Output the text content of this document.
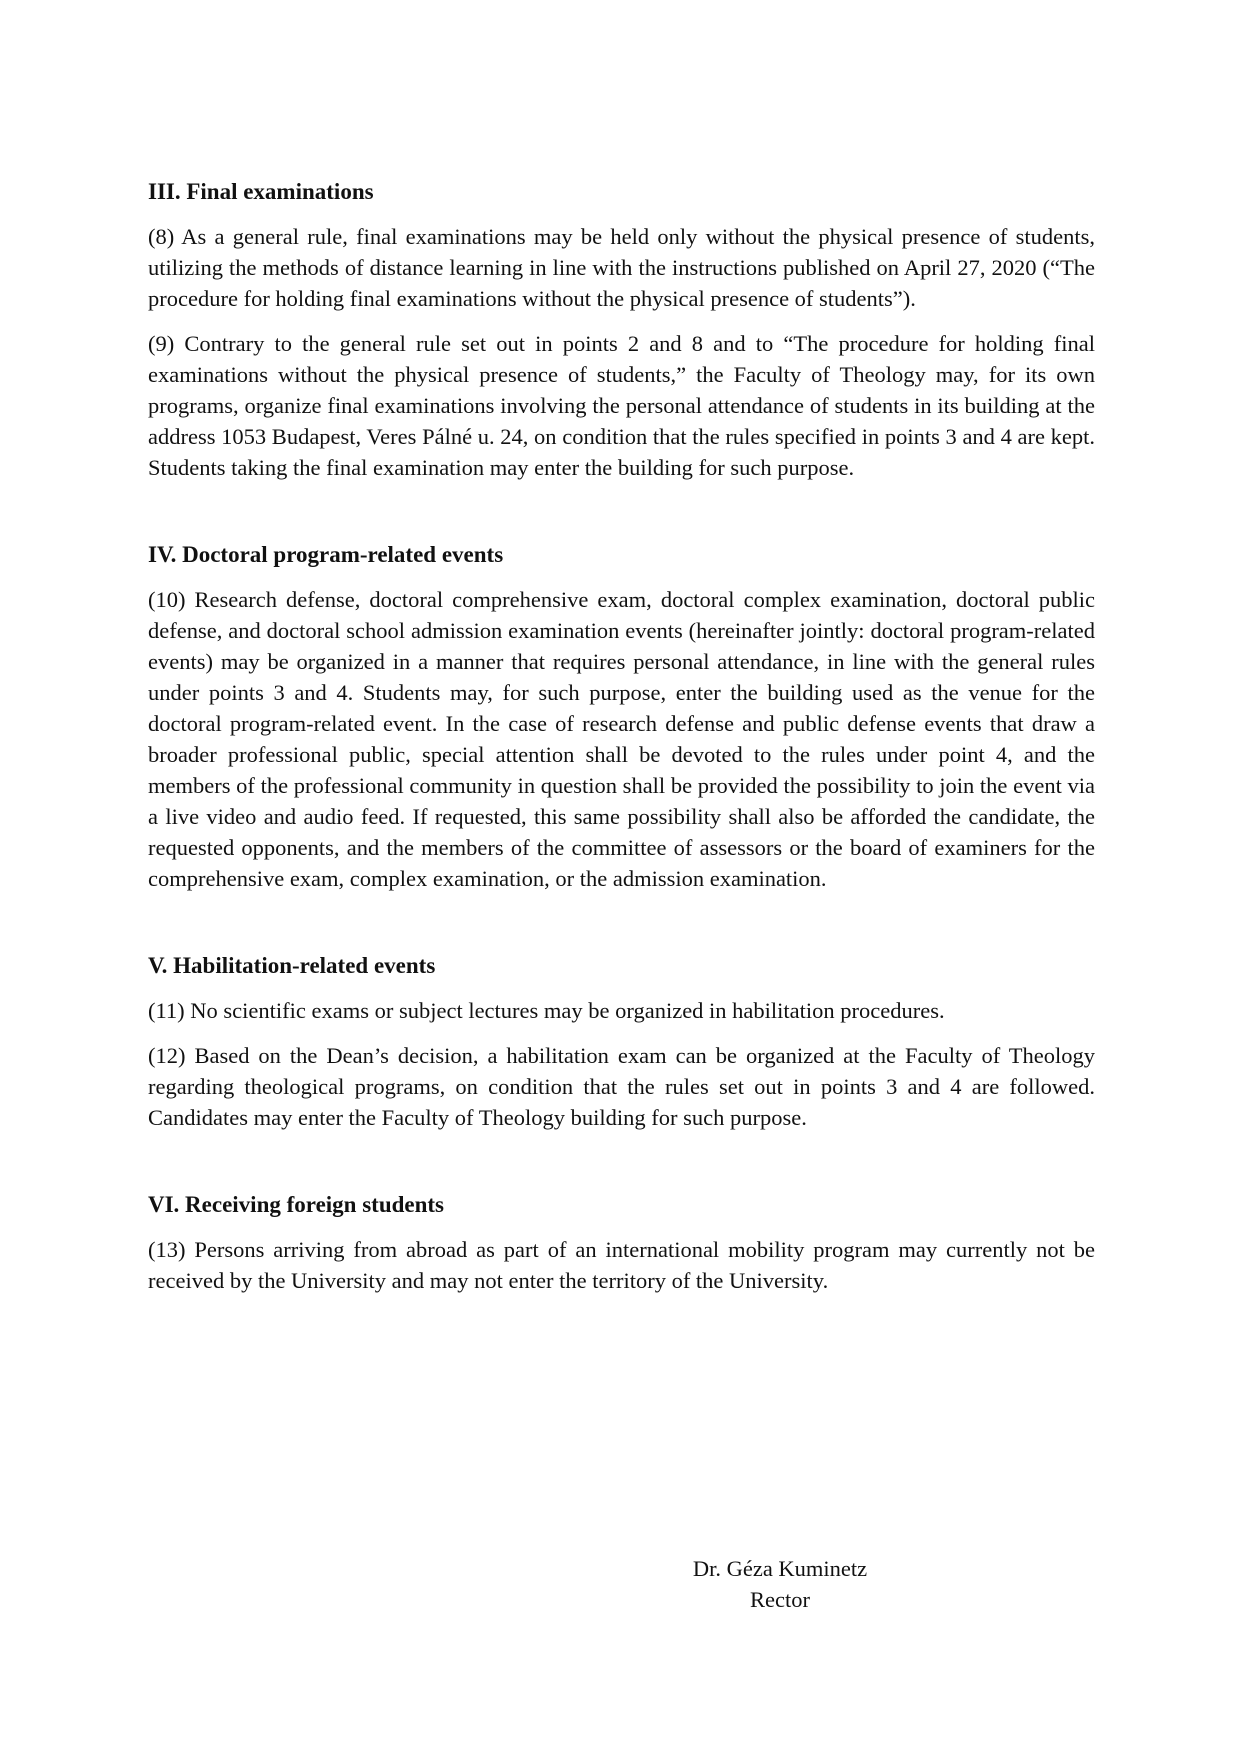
III. Final examinations

(8) As a general rule, final examinations may be held only without the physical presence of students, utilizing the methods of distance learning in line with the instructions published on April 27, 2020 (“The procedure for holding final examinations without the physical presence of students”).

(9) Contrary to the general rule set out in points 2 and 8 and to “The procedure for holding final examinations without the physical presence of students,” the Faculty of Theology may, for its own programs, organize final examinations involving the personal attendance of students in its building at the address 1053 Budapest, Veres Pálné u. 24, on condition that the rules specified in points 3 and 4 are kept. Students taking the final examination may enter the building for such purpose.

IV. Doctoral program-related events

(10) Research defense, doctoral comprehensive exam, doctoral complex examination, doctoral public defense, and doctoral school admission examination events (hereinafter jointly: doctoral program-related events) may be organized in a manner that requires personal attendance, in line with the general rules under points 3 and 4. Students may, for such purpose, enter the building used as the venue for the doctoral program-related event. In the case of research defense and public defense events that draw a broader professional public, special attention shall be devoted to the rules under point 4, and the members of the professional community in question shall be provided the possibility to join the event via a live video and audio feed. If requested, this same possibility shall also be afforded the candidate, the requested opponents, and the members of the committee of assessors or the board of examiners for the comprehensive exam, complex examination, or the admission examination.

V. Habilitation-related events

(11) No scientific exams or subject lectures may be organized in habilitation procedures.

(12) Based on the Dean’s decision, a habilitation exam can be organized at the Faculty of Theology regarding theological programs, on condition that the rules set out in points 3 and 4 are followed. Candidates may enter the Faculty of Theology building for such purpose.

VI. Receiving foreign students

(13) Persons arriving from abroad as part of an international mobility program may currently not be received by the University and may not enter the territory of the University.

Dr. Géza Kuminetz
Rector
